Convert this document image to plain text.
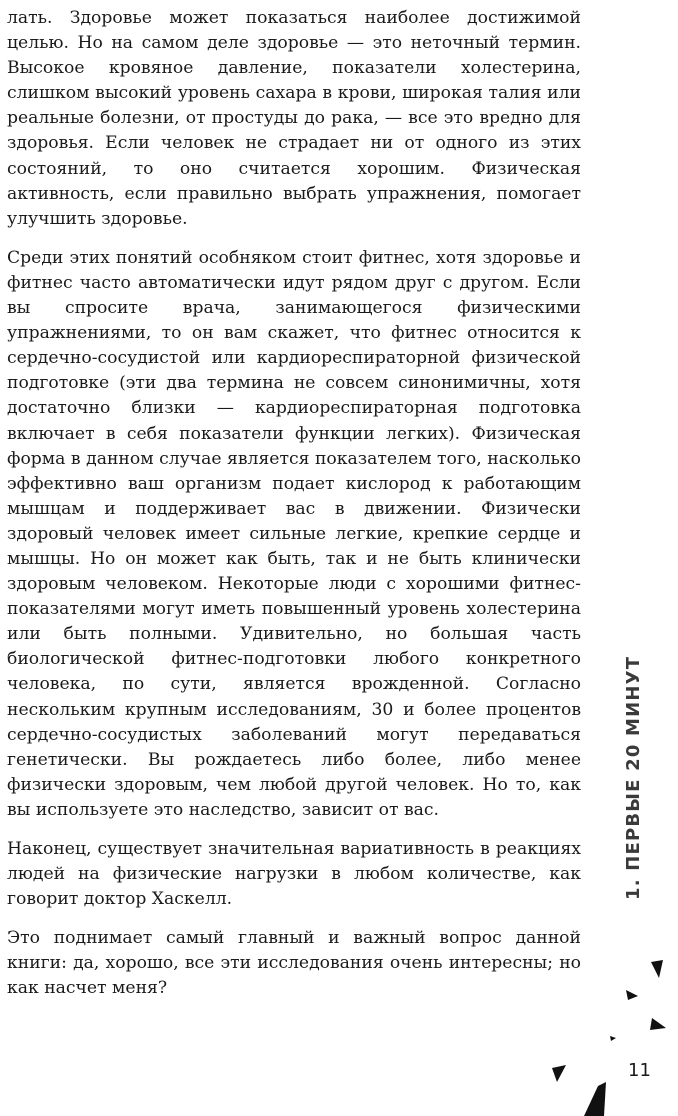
лать. Здоровье может показаться наиболее достижимой целью. Но на самом деле здоровье — это неточный термин. Высокое кровяное давление, показатели холестерина, слишком высокий уровень сахара в крови, широкая талия или реальные болезни, от простуды до рака, — все это вредно для здоровья. Если человек не страдает ни от одного из этих состояний, то оно считается хорошим. Физическая активность, если правильно выбрать упражнения, помогает улучшить здоровье.

Среди этих понятий особняком стоит фитнес, хотя здоровье и фитнес часто автоматически идут рядом друг с другом. Если вы спросите врача, занимающегося физическими упражнениями, то он вам скажет, что фитнес относится к сердечно-сосудистой или кардиореспираторной физической подготовке (эти два термина не совсем синонимичны, хотя достаточно близки — кардиореспираторная подготовка включает в себя показатели функции легких). Физическая форма в данном случае является показателем того, насколько эффективно ваш организм подает кислород к работающим мышцам и поддерживает вас в движении. Физически здоровый человек имеет сильные легкие, крепкие сердце и мышцы. Но он может как быть, так и не быть клинически здоровым человеком. Некоторые люди с хорошими фитнес-показателями могут иметь повышенный уровень холестерина или быть полными. Удивительно, но большая часть биологической фитнес-подготовки любого конкретного человека, по сути, является врожденной. Согласно нескольким крупным исследованиям, 30 и более процентов сердечно-сосудистых заболеваний могут передаваться генетически. Вы рождаетесь либо более, либо менее физически здоровым, чем любой другой человек. Но то, как вы используете это наследство, зависит от вас.

Наконец, существует значительная вариативность в реакциях людей на физические нагрузки в любом количестве, как говорит доктор Хаскелл.

Это поднимает самый главный и важный вопрос данной книги: да, хорошо, все эти исследования очень интересны; но как насчет меня?

1. ПЕРВЫЕ 20 МИНУТ
11
